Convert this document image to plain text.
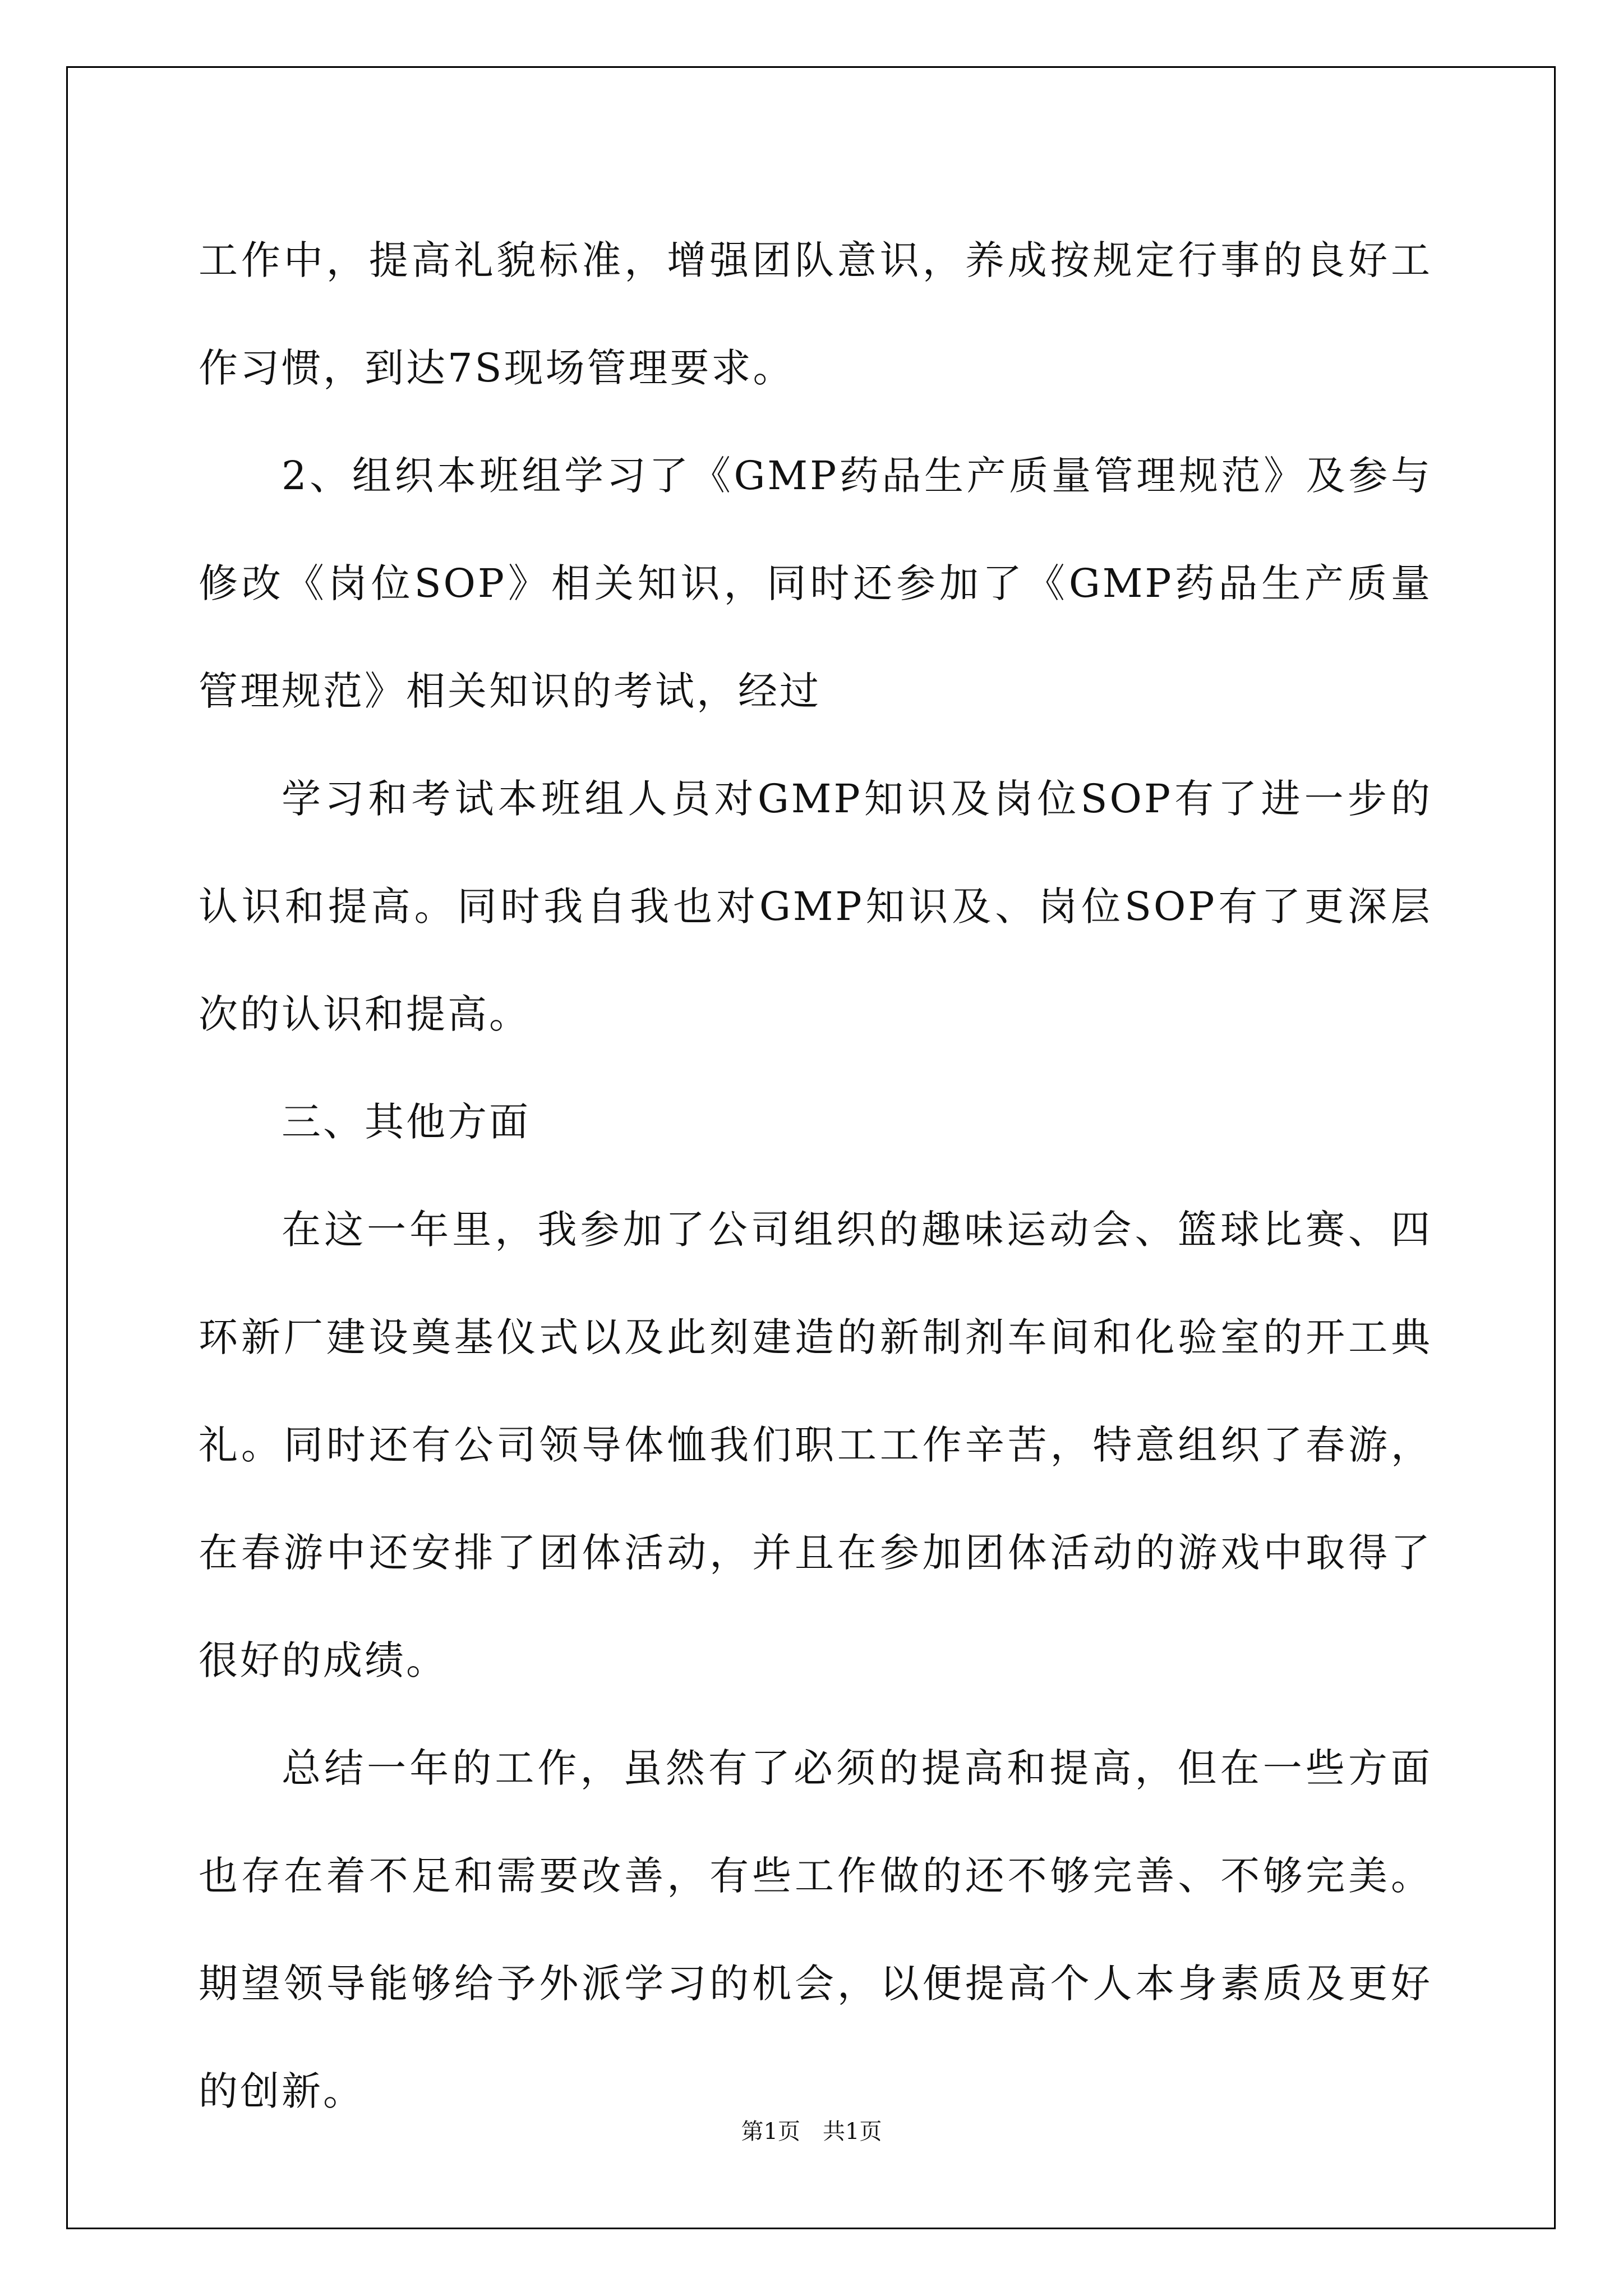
工作中，提高礼貌标准，增强团队意识，养成按规定行事的良好工作习惯，到达7S现场管理要求。

2、组织本班组学习了《GMP药品生产质量管理规范》及参与修改《岗位SOP》相关知识，同时还参加了《GMP药品生产质量管理规范》相关知识的考试，经过

学习和考试本班组人员对GMP知识及岗位SOP有了进一步的认识和提高。同时我自我也对GMP知识及、岗位SOP有了更深层次的认识和提高。

三、其他方面

在这一年里，我参加了公司组织的趣味运动会、篮球比赛、四环新厂建设奠基仪式以及此刻建造的新制剂车间和化验室的开工典礼。同时还有公司领导体恤我们职工工作辛苦，特意组织了春游，在春游中还安排了团体活动，并且在参加团体活动的游戏中取得了很好的成绩。

总结一年的工作，虽然有了必须的提高和提高，但在一些方面也存在着不足和需要改善，有些工作做的还不够完善、不够完美。期望领导能够给予外派学习的机会，以便提高个人本身素质及更好的创新。

第1页　共1页
